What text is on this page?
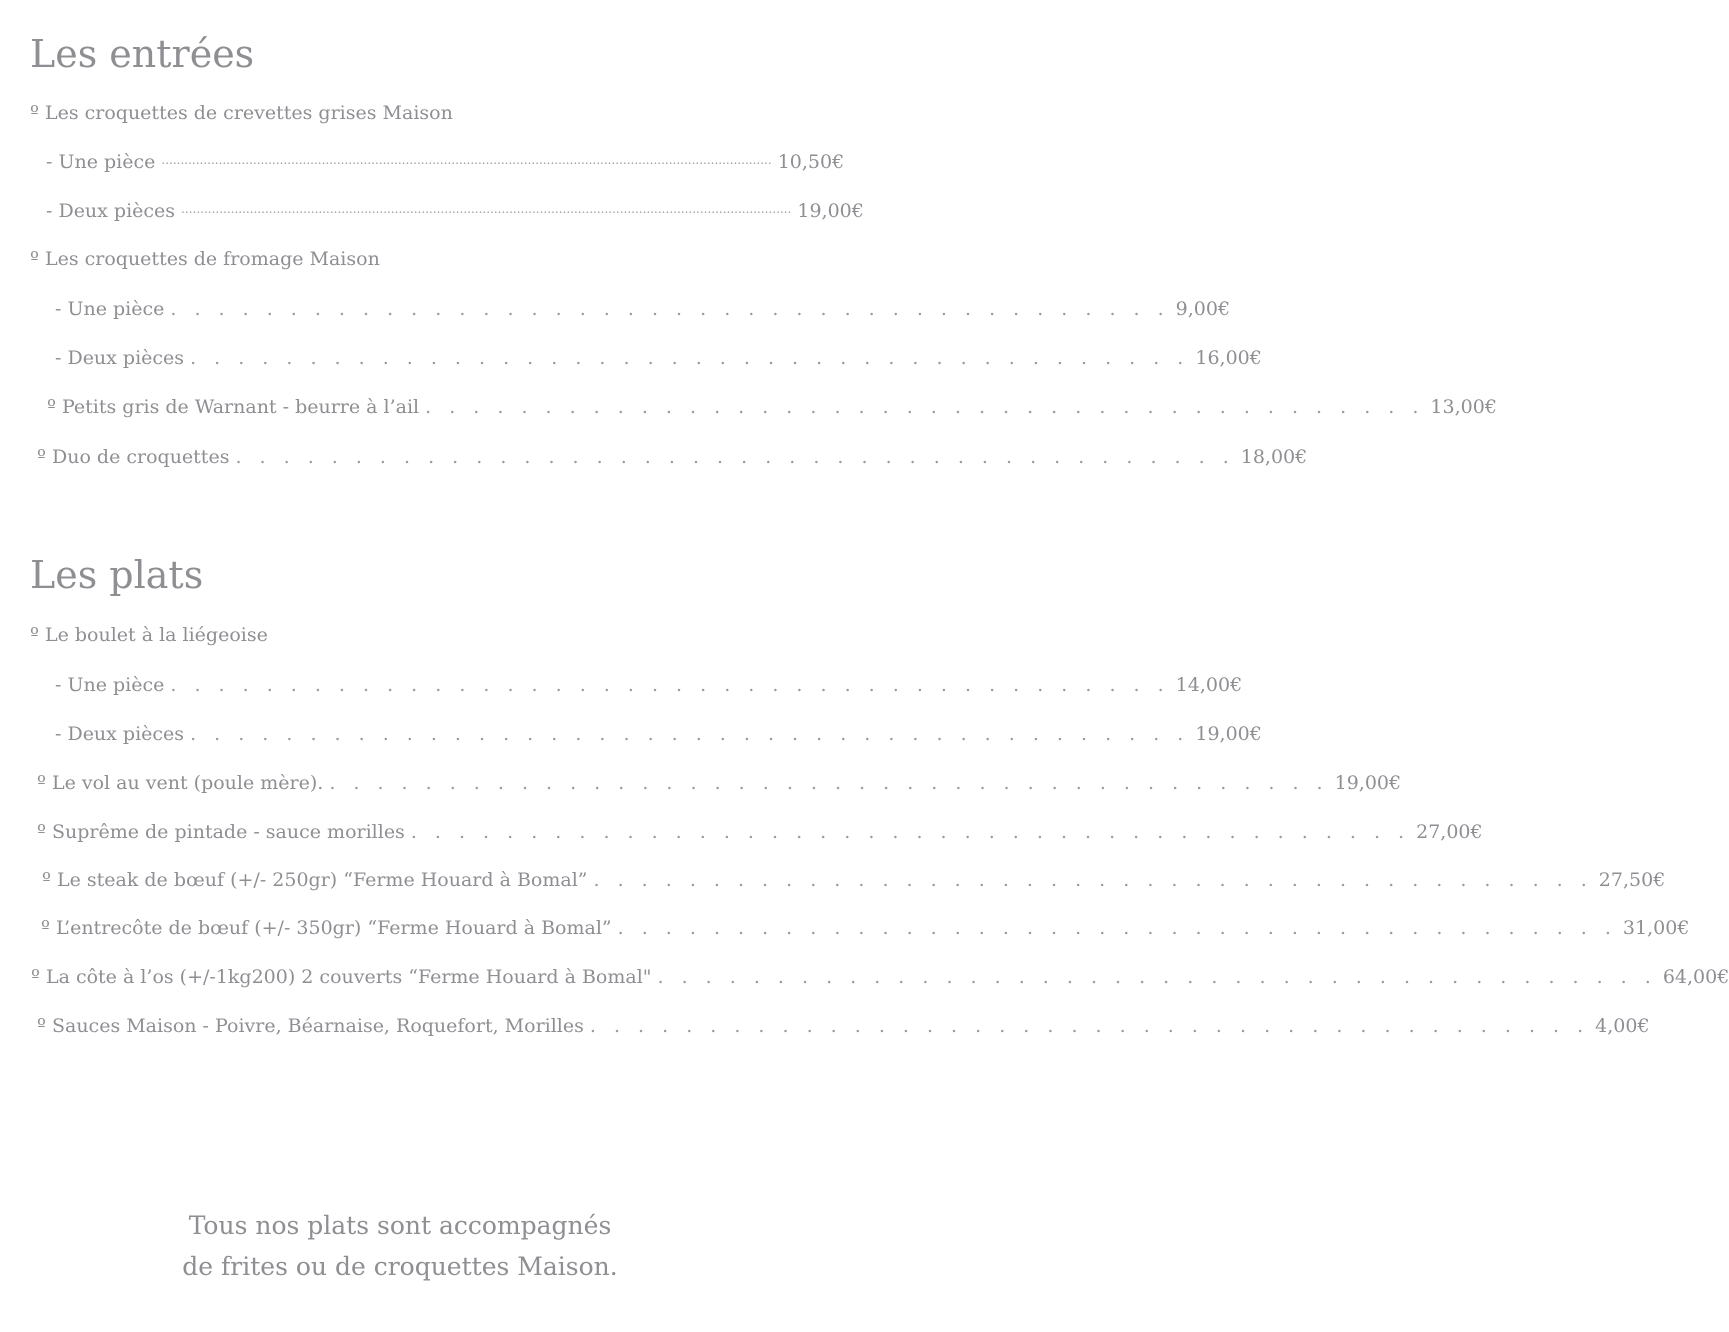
Les entrées
º Les croquettes de crevettes grises Maison
- Une pièce ................................................................................................................................................................ 10,50€
- Deux pièces ................................................................................................................................................................ 19,00€
º Les croquettes de fromage Maison
- Une pièce . . . . . . . . . . . . . . . . . . . . . . . . . . . . . . . . . . . . . . . . . . 9,00€
- Deux pièces . . . . . . . . . . . . . . . . . . . . . . . . . . . . . . . . . . . . . . . . . . 16,00€
º Petits gris de Warnant - beurre à l’ail . . . . . . . . . . . . . . . . . . . . . . . . . . . . . . . . . . . . . . . . . . 13,00€
º Duo de croquettes . . . . . . . . . . . . . . . . . . . . . . . . . . . . . . . . . . . . . . . . . . 18,00€
Les plats
º Le boulet à la liégeoise
- Une pièce . . . . . . . . . . . . . . . . . . . . . . . . . . . . . . . . . . . . . . . . . . 14,00€
- Deux pièces . . . . . . . . . . . . . . . . . . . . . . . . . . . . . . . . . . . . . . . . . . 19,00€
º Le vol au vent (poule mère). . . . . . . . . . . . . . . . . . . . . . . . . . . . . . . . . . . . . . . . . . . 19,00€
º Suprême de pintade - sauce morilles . . . . . . . . . . . . . . . . . . . . . . . . . . . . . . . . . . . . . . . . . . 27,00€
º Le steak de bœuf (+/- 250gr) “Ferme Houard à Bomal” . . . . . . . . . . . . . . . . . . . . . . . . . . . . . . . . . . . . . . . . . . 27,50€
º L’entrecôte de bœuf (+/- 350gr) “Ferme Houard à Bomal” . . . . . . . . . . . . . . . . . . . . . . . . . . . . . . . . . . . . . . . . . . 31,00€
º La côte à l’os (+/-1kg200) 2 couverts “Ferme Houard à Bomal" . . . . . . . . . . . . . . . . . . . . . . . . . . . . . . . . . . . . . . . . . . 64,00€
º Sauces Maison - Poivre, Béarnaise, Roquefort, Morilles . . . . . . . . . . . . . . . . . . . . . . . . . . . . . . . . . . . . . . . . . . 4,00€
Tous nos plats sont accompagnés
de frites ou de croquettes Maison.
